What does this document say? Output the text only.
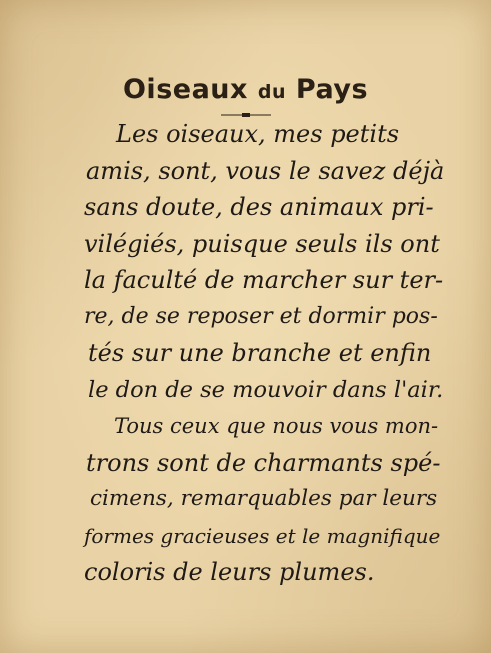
Oiseaux du Pays
Les oiseaux, mes petits
amis, sont, vous le savez déjà
sans doute, des animaux pri-
vilégiés, puisque seuls ils ont
la faculté de marcher sur ter-
re, de se reposer et dormir pos-
tés sur une branche et enfin
le don de se mouvoir dans l'air.
Tous ceux que nous vous mon-
trons sont de charmants spé-
cimens, remarquables par leurs
formes gracieuses et le magnifique
coloris de leurs plumes.
